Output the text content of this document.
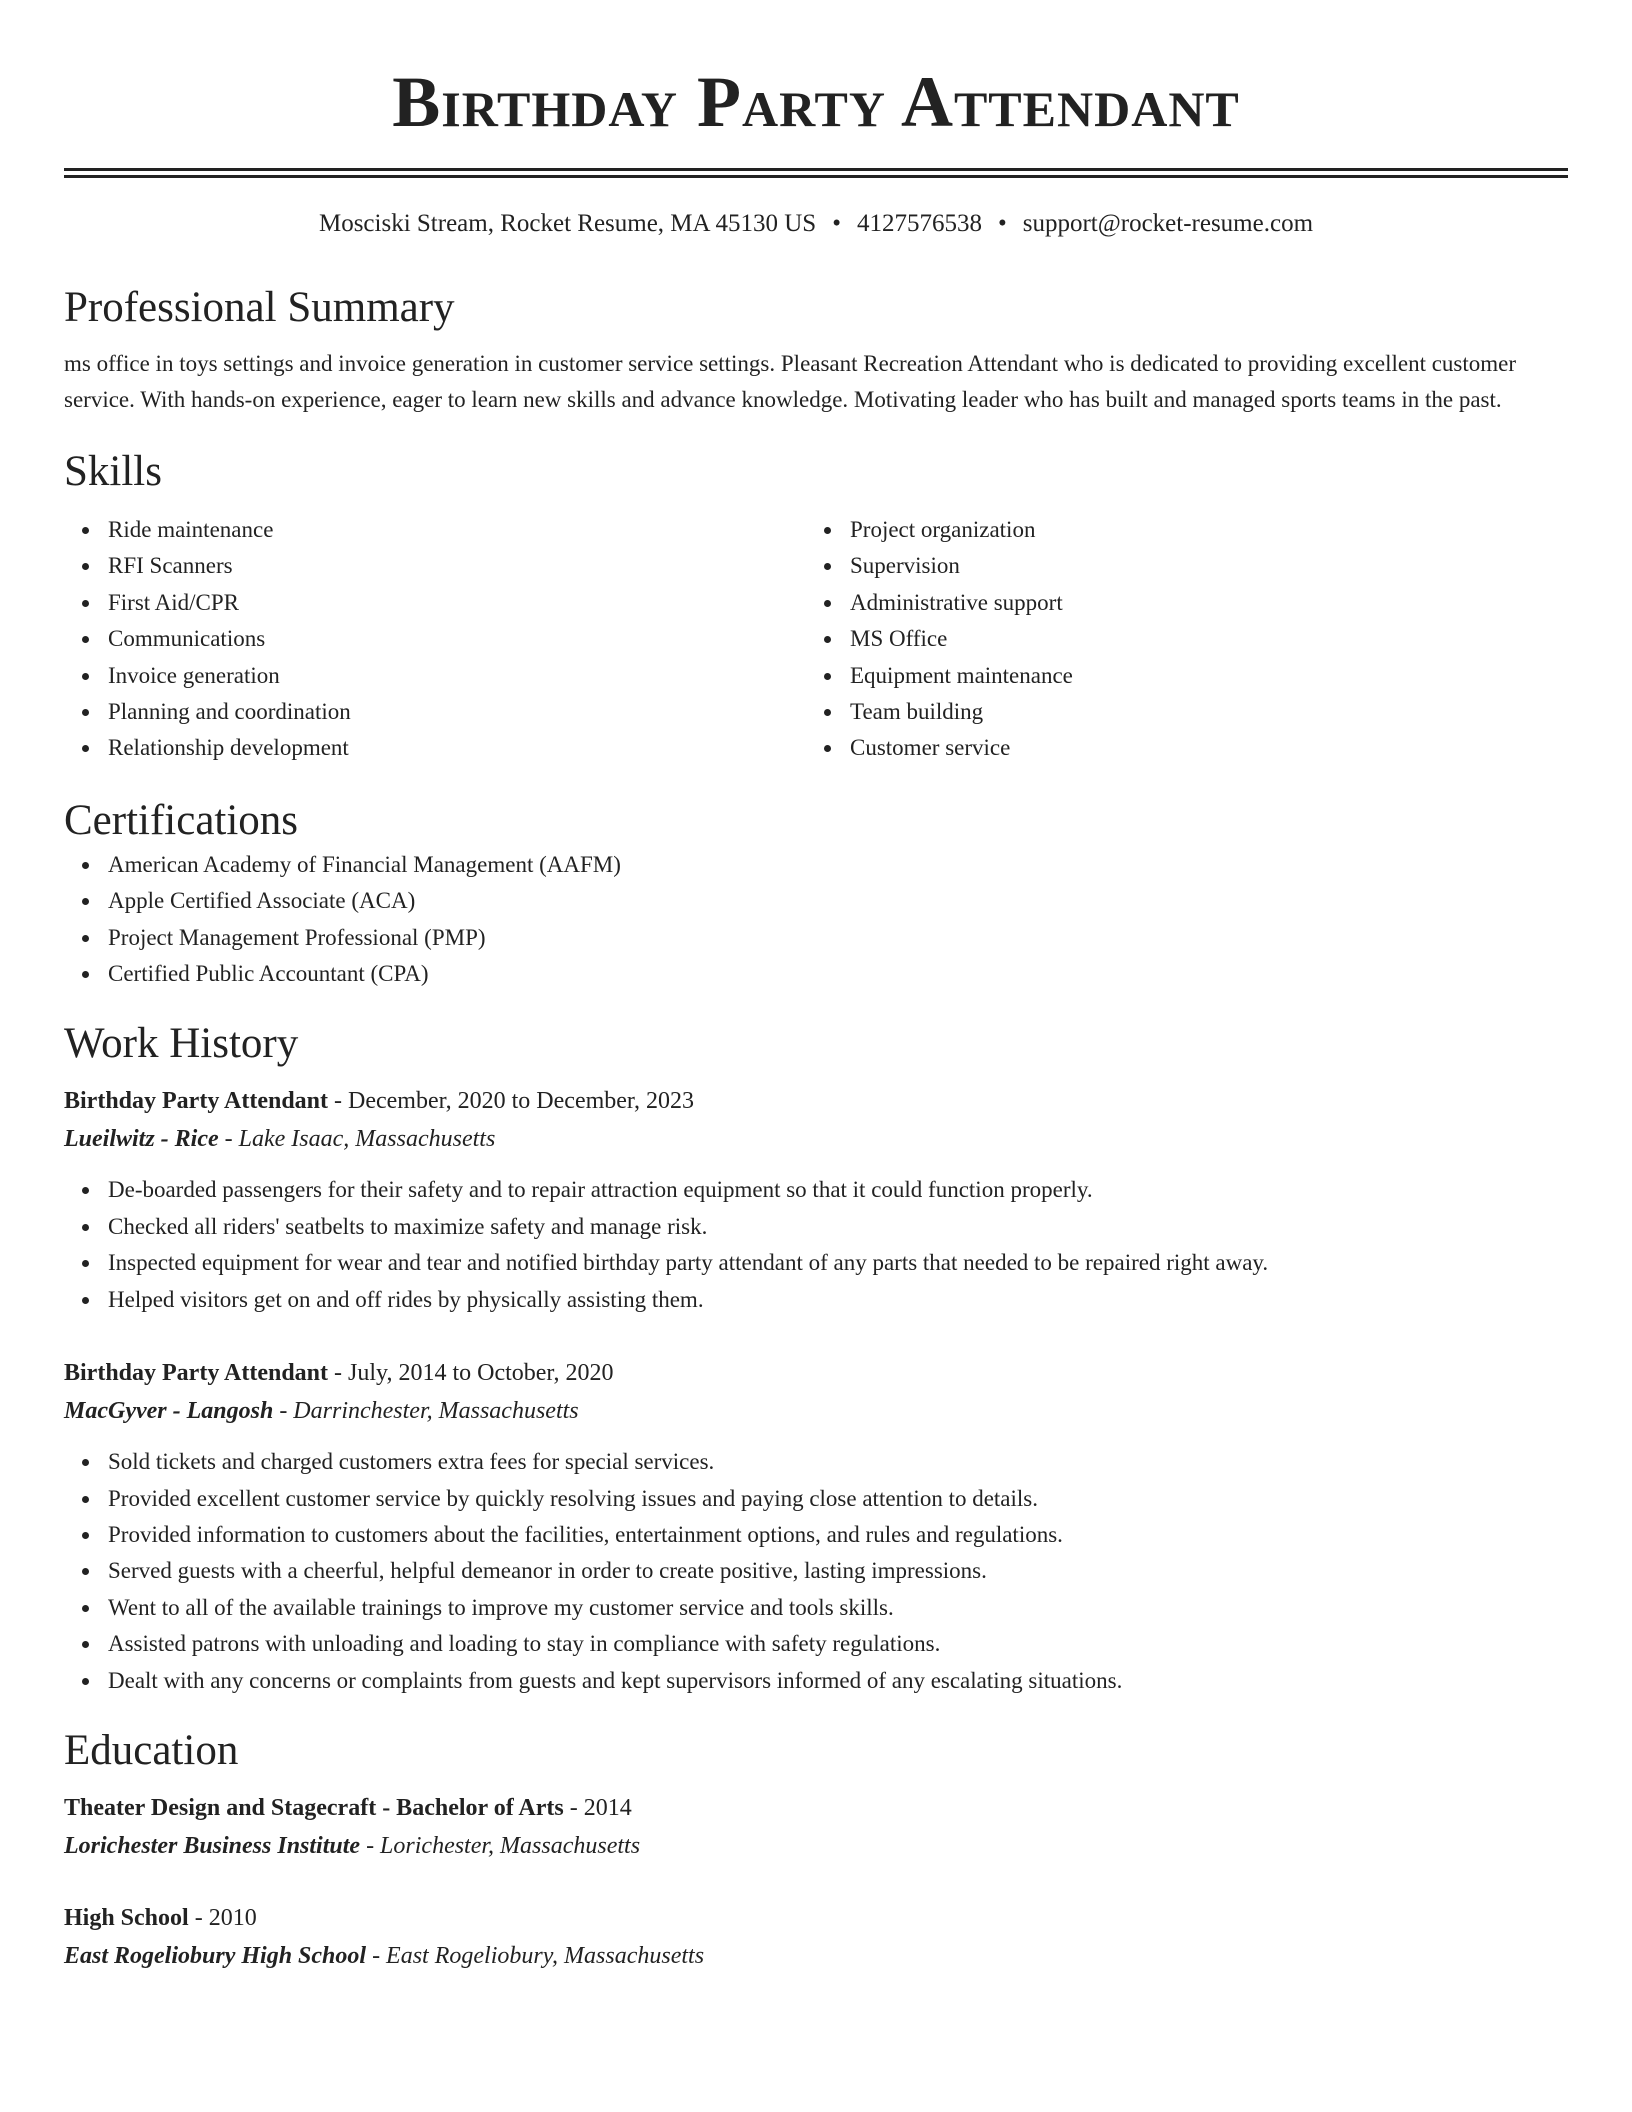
Birthday Party Attendant
Mosciski Stream, Rocket Resume, MA 45130 US • 4127576538 • support@rocket-resume.com
Professional Summary

ms office in toys settings and invoice generation in customer service settings. Pleasant Recreation Attendant who is dedicated to providing excellent customer service. With hands-on experience, eager to learn new skills and advance knowledge. Motivating leader who has built and managed sports teams in the past.

Skills
Ride maintenance
RFI Scanners
First Aid/CPR
Communications
Invoice generation
Planning and coordination
Relationship development
Project organization
Supervision
Administrative support
MS Office
Equipment maintenance
Team building
Customer service
Certifications
American Academy of Financial Management (AAFM)
Apple Certified Associate (ACA)
Project Management Professional (PMP)
Certified Public Accountant (CPA)
Work History
Birthday Party Attendant - December, 2020 to December, 2023
Lueilwitz - Rice - Lake Isaac, Massachusetts
De-boarded passengers for their safety and to repair attraction equipment so that it could function properly.
Checked all riders' seatbelts to maximize safety and manage risk.
Inspected equipment for wear and tear and notified birthday party attendant of any parts that needed to be repaired right away.
Helped visitors get on and off rides by physically assisting them.
Birthday Party Attendant - July, 2014 to October, 2020
MacGyver - Langosh - Darrinchester, Massachusetts
Sold tickets and charged customers extra fees for special services.
Provided excellent customer service by quickly resolving issues and paying close attention to details.
Provided information to customers about the facilities, entertainment options, and rules and regulations.
Served guests with a cheerful, helpful demeanor in order to create positive, lasting impressions.
Went to all of the available trainings to improve my customer service and tools skills.
Assisted patrons with unloading and loading to stay in compliance with safety regulations.
Dealt with any concerns or complaints from guests and kept supervisors informed of any escalating situations.
Education
Theater Design and Stagecraft - Bachelor of Arts - 2014
Lorichester Business Institute - Lorichester, Massachusetts
High School - 2010
East Rogeliobury High School - East Rogeliobury, Massachusetts
